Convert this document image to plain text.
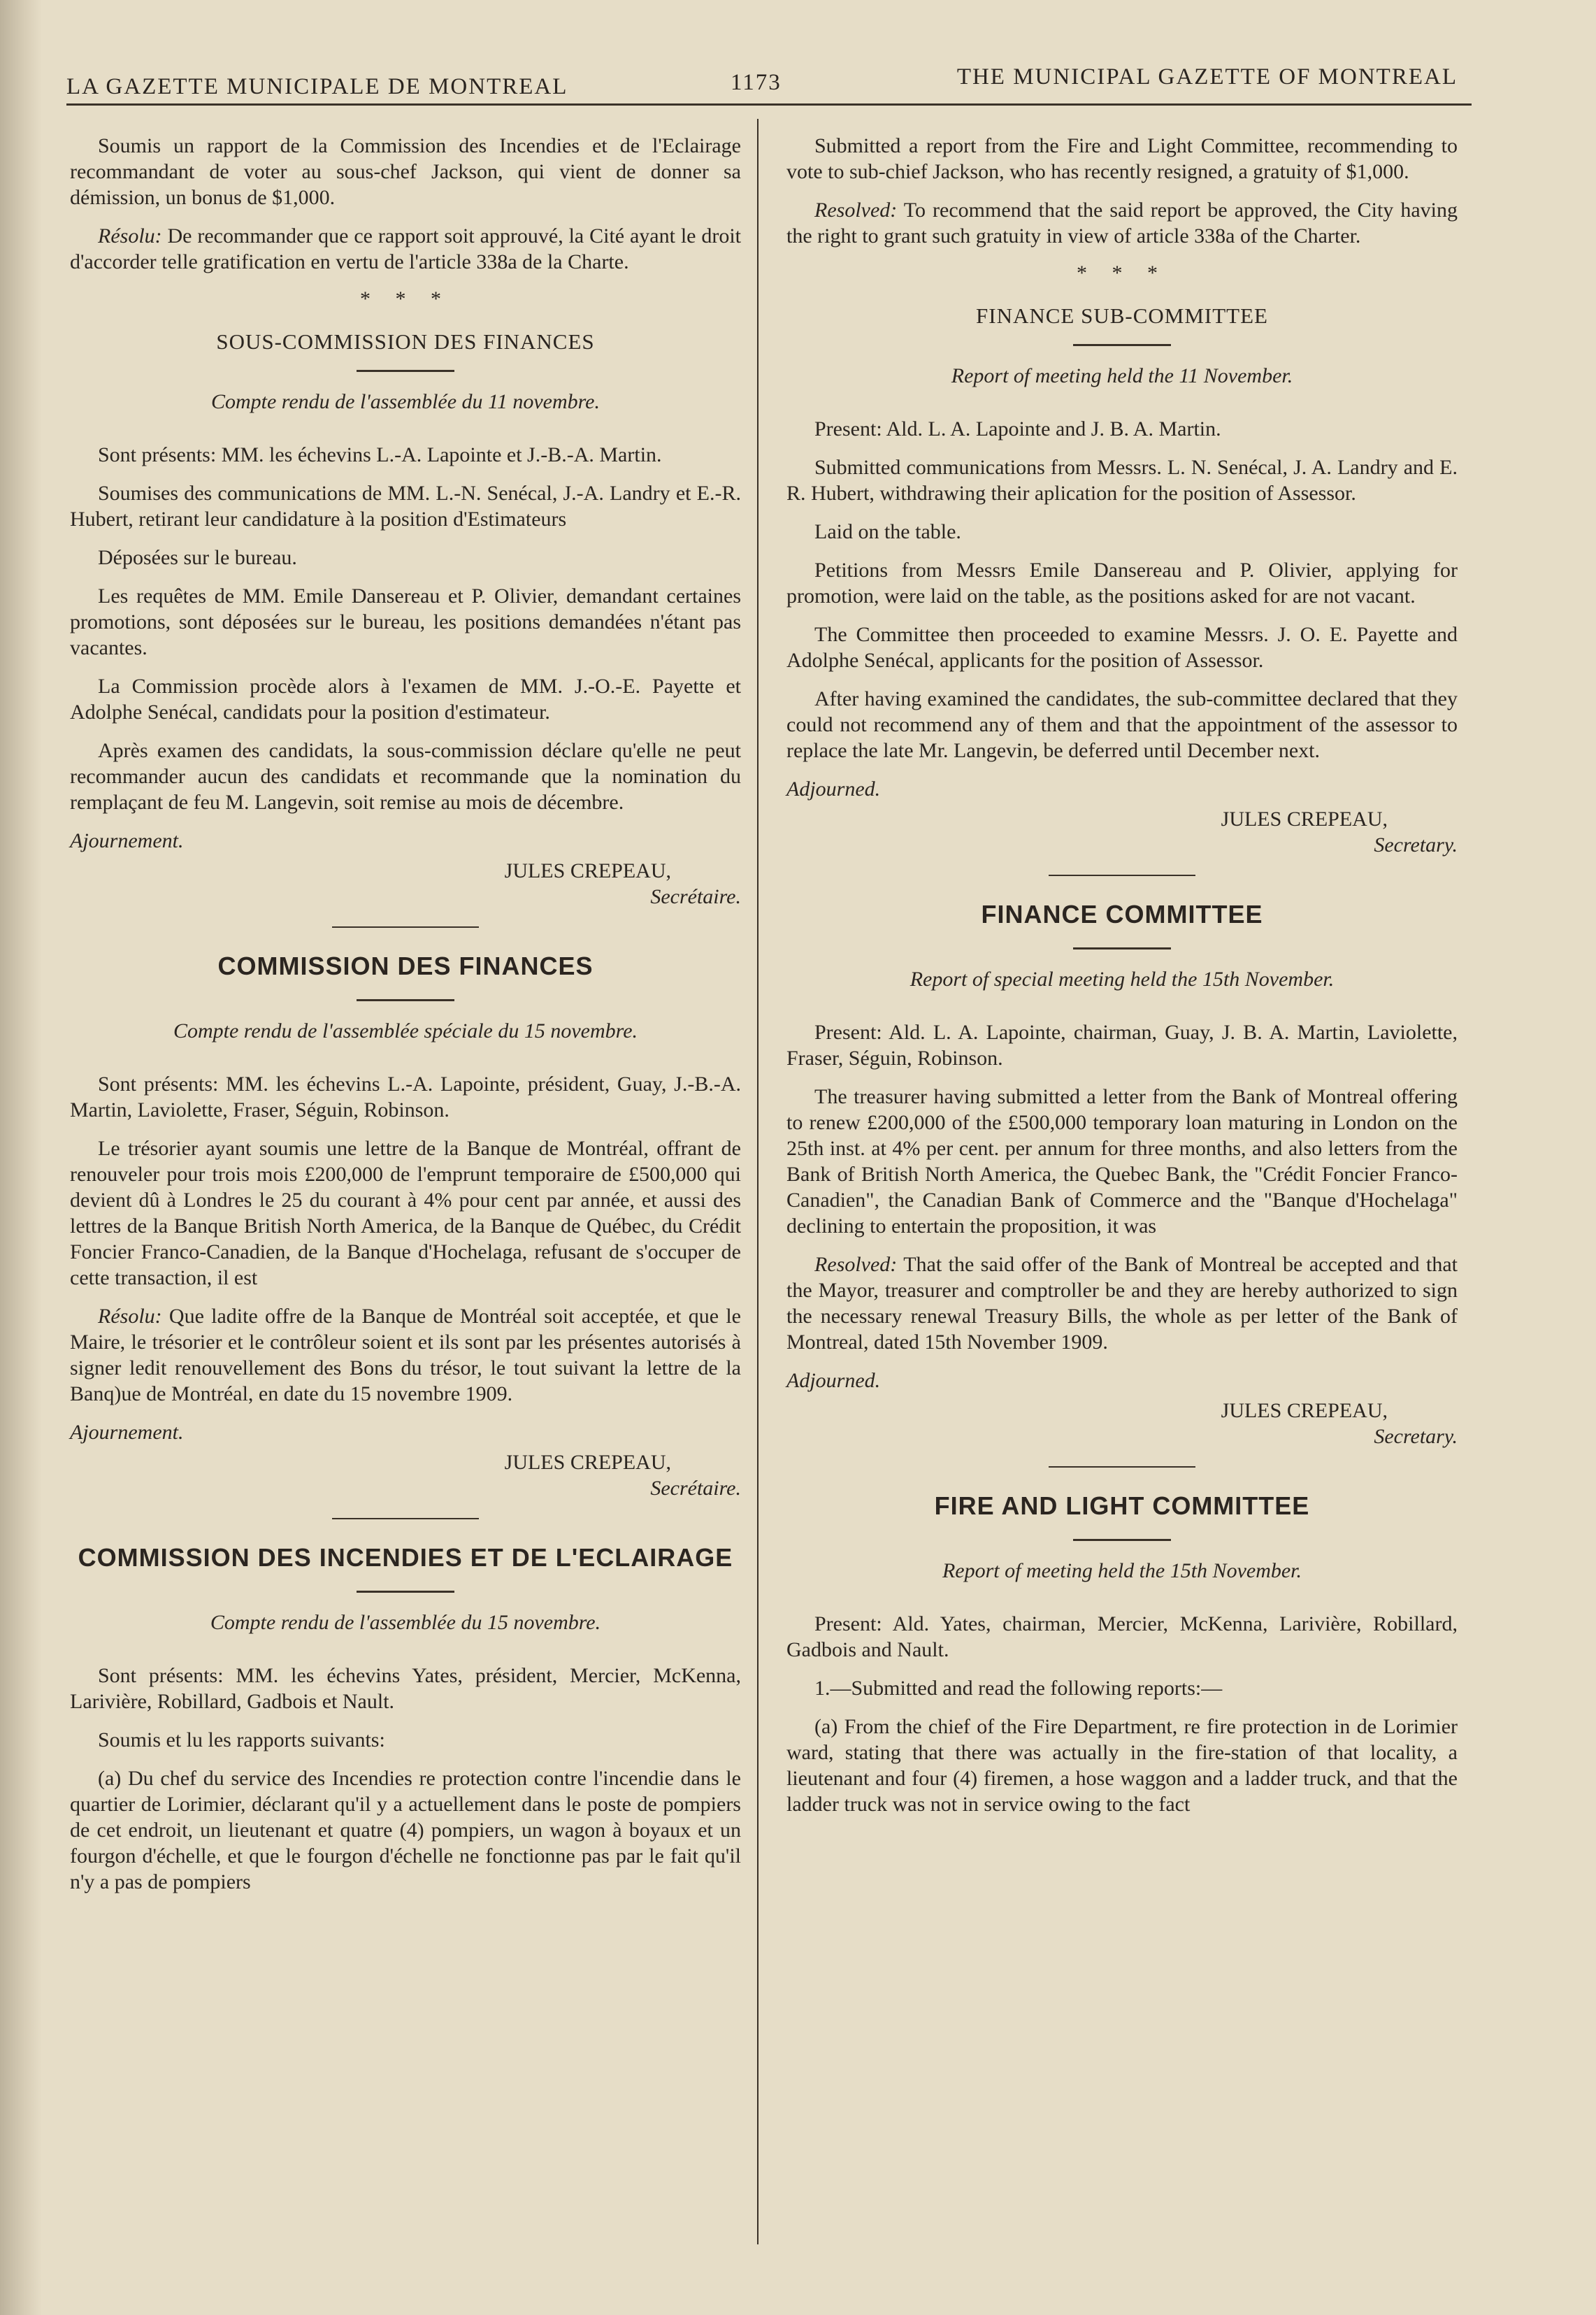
LA GAZETTE MUNICIPALE DE MONTREAL	1173	THE MUNICIPAL GAZETTE OF MONTREAL

Soumis un rapport de la Commission des Incendies et de l'Eclairage recommandant de voter au sous-chef Jackson, qui vient de donner sa démission, un bonus de $1,000.

Résolu: De recommander que ce rapport soit approuvé, la Cité ayant le droit d'accorder telle gratification en vertu de l'article 338a de la Charte.

* * *
SOUS-COMMISSION DES FINANCES
Compte rendu de l'assemblée du 11 novembre.

Sont présents: MM. les échevins L.-A. Lapointe et J.-B.-A. Martin.

Soumises des communications de MM. L.-N. Senécal, J.-A. Landry et E.-R. Hubert, retirant leur candidature à la position d'Estimateurs

Déposées sur le bureau.

Les requêtes de MM. Emile Dansereau et P. Olivier, demandant certaines promotions, sont déposées sur le bureau, les positions demandées n'étant pas vacantes.

La Commission procède alors à l'examen de MM. J.-O.-E. Payette et Adolphe Senécal, candidats pour la position d'estimateur.

Après examen des candidats, la sous-commission déclare qu'elle ne peut recommander aucun des candidats et recommande que la nomination du remplaçant de feu M. Langevin, soit remise au mois de décembre.

Ajournement.

JULES CREPEAU,
Secrétaire.
COMMISSION DES FINANCES
Compte rendu de l'assemblée spéciale du 15 novembre.

Sont présents: MM. les échevins L.-A. Lapointe, président, Guay, J.-B.-A. Martin, Laviolette, Fraser, Séguin, Robinson.

Le trésorier ayant soumis une lettre de la Banque de Montréal, offrant de renouveler pour trois mois £200,000 de l'emprunt temporaire de £500,000 qui devient dû à Londres le 25 du courant à 4% pour cent par année, et aussi des lettres de la Banque British North America, de la Banque de Québec, du Crédit Foncier Franco-Canadien, de la Banque d'Hochelaga, refusant de s'occuper de cette transaction, il est

Résolu: Que ladite offre de la Banque de Montréal soit acceptée, et que le Maire, le trésorier et le contrôleur soient et ils sont par les présentes autorisés à signer ledit renouvellement des Bons du trésor, le tout suivant la lettre de la Banq)ue de Montréal, en date du 15 novembre 1909.

Ajournement.

JULES CREPEAU,
Secrétaire.
COMMISSION DES INCENDIES ET DE L'ECLAIRAGE
Compte rendu de l'assemblée du 15 novembre.

Sont présents: MM. les échevins Yates, président, Mercier, McKenna, Larivière, Robillard, Gadbois et Nault.

Soumis et lu les rapports suivants:

(a) Du chef du service des Incendies re protection contre l'incendie dans le quartier de Lorimier, déclarant qu'il y a actuellement dans le poste de pompiers de cet endroit, un lieutenant et quatre (4) pompiers, un wagon à boyaux et un fourgon d'échelle, et que le fourgon d'échelle ne fonctionne pas par le fait qu'il n'y a pas de pompiers

Submitted a report from the Fire and Light Committee, recommending to vote to sub-chief Jackson, who has recently resigned, a gratuity of $1,000.

Resolved: To recommend that the said report be approved, the City having the right to grant such gratuity in view of article 338a of the Charter.

* * *
FINANCE SUB-COMMITTEE
Report of meeting held the 11 November.

Present: Ald. L. A. Lapointe and J. B. A. Martin.

Submitted communications from Messrs. L. N. Senécal, J. A. Landry and E. R. Hubert, withdrawing their aplication for the position of Assessor.

Laid on the table.

Petitions from Messrs Emile Dansereau and P. Olivier, applying for promotion, were laid on the table, as the positions asked for are not vacant.

The Committee then proceeded to examine Messrs. J. O. E. Payette and Adolphe Senécal, applicants for the position of Assessor.

After having examined the candidates, the sub-committee declared that they could not recommend any of them and that the appointment of the assessor to replace the late Mr. Langevin, be deferred until December next.

Adjourned.

JULES CREPEAU,
Secretary.
FINANCE COMMITTEE
Report of special meeting held the 15th November.

Present: Ald. L. A. Lapointe, chairman, Guay, J. B. A. Martin, Laviolette, Fraser, Séguin, Robinson.

The treasurer having submitted a letter from the Bank of Montreal offering to renew £200,000 of the £500,000 temporary loan maturing in London on the 25th inst. at 4% per cent. per annum for three months, and also letters from the Bank of British North America, the Quebec Bank, the "Crédit Foncier Franco-Canadien", the Canadian Bank of Commerce and the "Banque d'Hochelaga" declining to entertain the proposition, it was

Resolved: That the said offer of the Bank of Montreal be accepted and that the Mayor, treasurer and comptroller be and they are hereby authorized to sign the necessary renewal Treasury Bills, the whole as per letter of the Bank of Montreal, dated 15th November 1909.

Adjourned.

JULES CREPEAU,
Secretary.
FIRE AND LIGHT COMMITTEE
Report of meeting held the 15th November.

Present: Ald. Yates, chairman, Mercier, McKenna, Larivière, Robillard, Gadbois and Nault.

1.—Submitted and read the following reports:—

(a) From the chief of the Fire Department, re fire protection in de Lorimier ward, stating that there was actually in the fire-station of that locality, a lieutenant and four (4) firemen, a hose waggon and a ladder truck, and that the ladder truck was not in service owing to the fact
